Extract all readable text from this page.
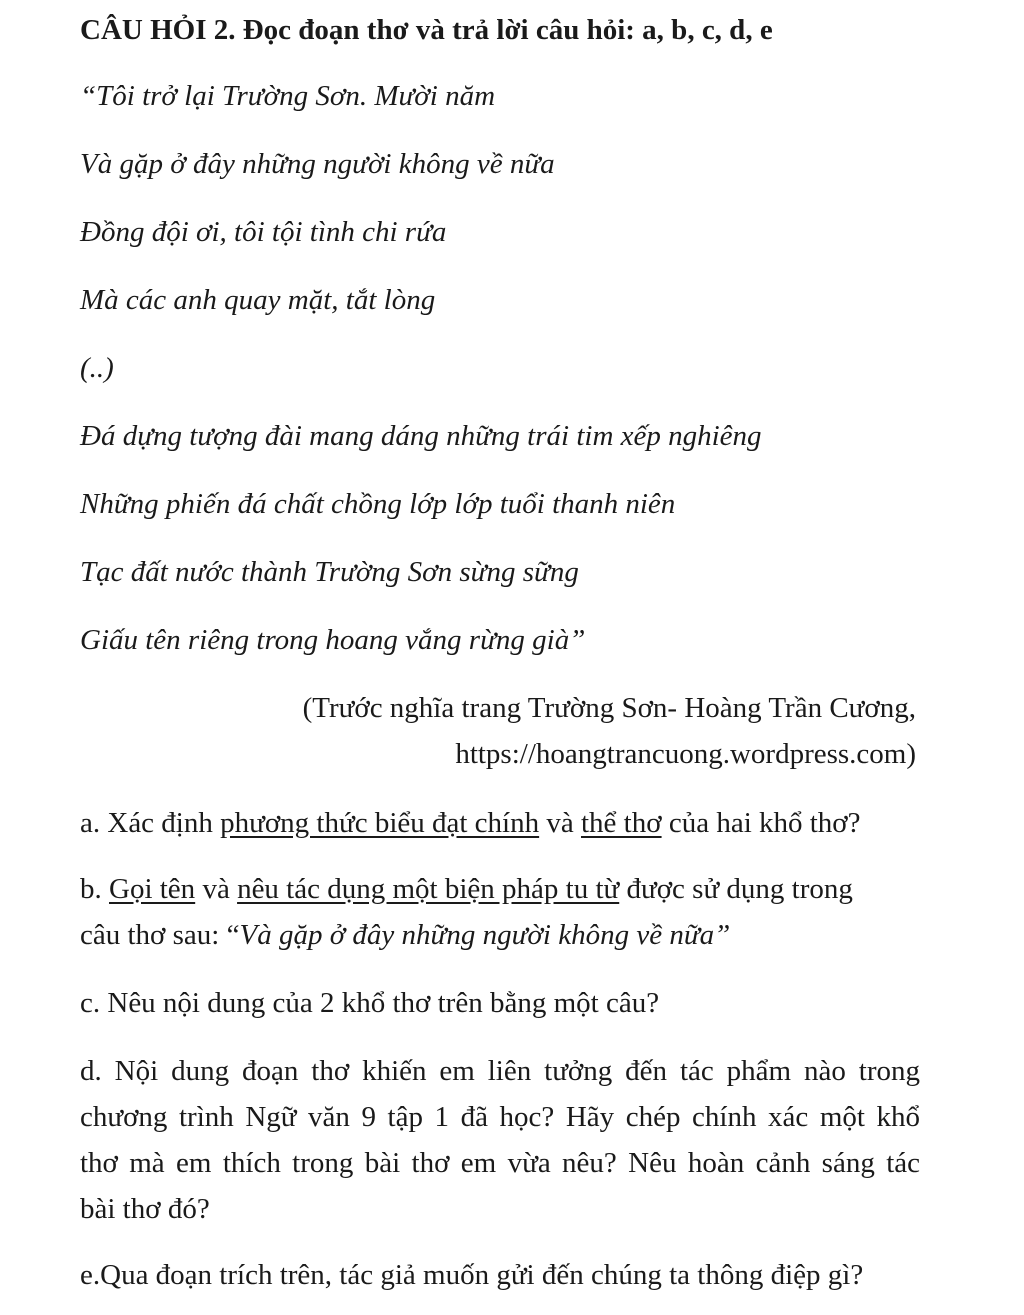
CÂU HỎI 2. Đọc đoạn thơ và trả lời câu hỏi: a, b, c, d, e
“Tôi trở lại Trường Sơn. Mười năm
Và gặp ở đây những người không về nữa
Đồng đội ơi, tôi tội tình chi rứa
Mà các anh quay mặt, tắt lòng
(..)
Đá dựng tượng đài mang dáng những trái tim xếp nghiêng
Những phiến đá chất chồng lớp lớp tuổi thanh niên
Tạc đất nước thành Trường Sơn sừng sững
Giấu tên riêng trong hoang vắng rừng già”
(Trước nghĩa trang Trường Sơn- Hoàng Trần Cương,
https://hoangtrancuong.wordpress.com)
a. Xác định phương thức biểu đạt chính và thể thơ của hai khổ thơ?
b. Gọi tên và nêu tác dụng một biện pháp tu từ được sử dụng trong
câu thơ sau: “Và gặp ở đây những người không về nữa”
c. Nêu nội dung của 2 khổ thơ trên bằng một câu?
d. Nội dung đoạn thơ khiến em liên tưởng đến tác phẩm nào trong
chương trình Ngữ văn 9 tập 1 đã học? Hãy chép chính xác một khổ
thơ mà em thích trong bài thơ em vừa nêu? Nêu hoàn cảnh sáng tác
bài thơ đó?
e.Qua đoạn trích trên, tác giả muốn gửi đến chúng ta thông điệp gì?
